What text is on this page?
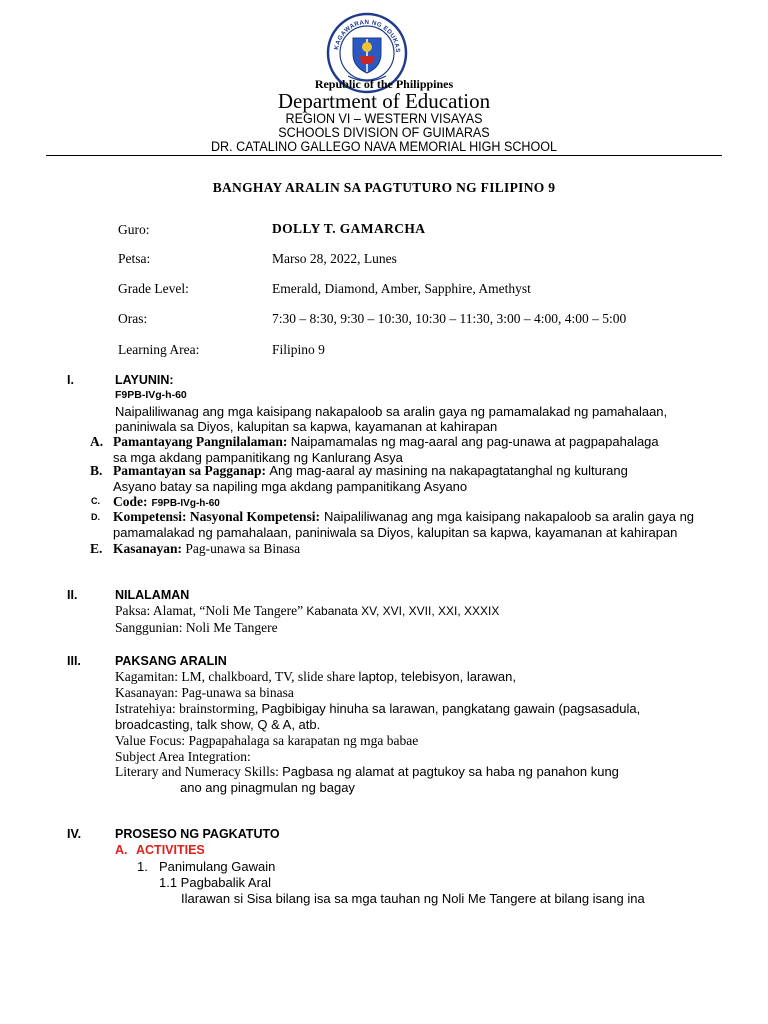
KAGAWARAN NG EDUKAS
Republic of the Philippines
Department of Education
REGION VI – WESTERN VISAYAS
SCHOOLS DIVISION OF GUIMARAS
DR. CATALINO GALLEGO NAVA MEMORIAL HIGH SCHOOL
BANGHAY ARALIN SA PAGTUTURO NG FILIPINO 9
Guro:	DOLLY T. GAMARCHA
Petsa:	Marso 28, 2022, Lunes
Grade Level:	Emerald, Diamond, Amber, Sapphire, Amethyst
Oras:	7:30 – 8:30, 9:30 – 10:30, 10:30 – 11:30, 3:00 – 4:00, 4:00 – 5:00
Learning Area:	Filipino 9
I.	LAYUNIN:
F9PB-IVg-h-60
Naipaliliwanag ang mga kaisipang nakapaloob sa aralin gaya ng pamamalakad ng pamahalaan,
paniniwala sa Diyos, kalupitan sa kapwa, kayamanan at kahirapan
A. Pamantayang Pangnilalaman: Naipamamalas ng mag-aaral ang pag-unawa at pagpapahalaga
sa mga akdang pampanitikang ng Kanlurang Asya
B. Pamantayan sa Pagganap: Ang mag-aaral ay masining na nakapagtatanghal ng kulturang
Asyano batay sa napiling mga akdang pampanitikang Asyano
C. Code: F9PB-IVg-h-60
D. Kompetensi: Nasyonal Kompetensi: Naipaliliwanag ang mga kaisipang nakapaloob sa aralin gaya ng
pamamalakad ng pamahalaan, paniniwala sa Diyos, kalupitan sa kapwa, kayamanan at kahirapan
E. Kasanayan: Pag-unawa sa Binasa
II.	NILALAMAN
Paksa: Alamat, “Noli Me Tangere” Kabanata XV, XVI, XVII, XXI, XXXIX
Sanggunian: Noli Me Tangere
III.	PAKSANG ARALIN
Kagamitan: LM, chalkboard, TV, slide share laptop, telebisyon, larawan,
Kasanayan: Pag-unawa sa binasa
Istratehiya: brainstorming, Pagbibigay hinuha sa larawan, pangkatang gawain (pagsasadula,
broadcasting, talk show, Q & A, atb.
Value Focus: Pagpapahalaga sa karapatan ng mga babae
Subject Area Integration:
Literary and Numeracy Skills: Pagbasa ng alamat at pagtukoy sa haba ng panahon kung
ano ang pinagmulan ng bagay
IV.	PROSESO NG PAGKATUTO
A. ACTIVITIES
1. Panimulang Gawain
1.1 Pagbabalik Aral
Ilarawan si Sisa bilang isa sa mga tauhan ng Noli Me Tangere at bilang isang ina
